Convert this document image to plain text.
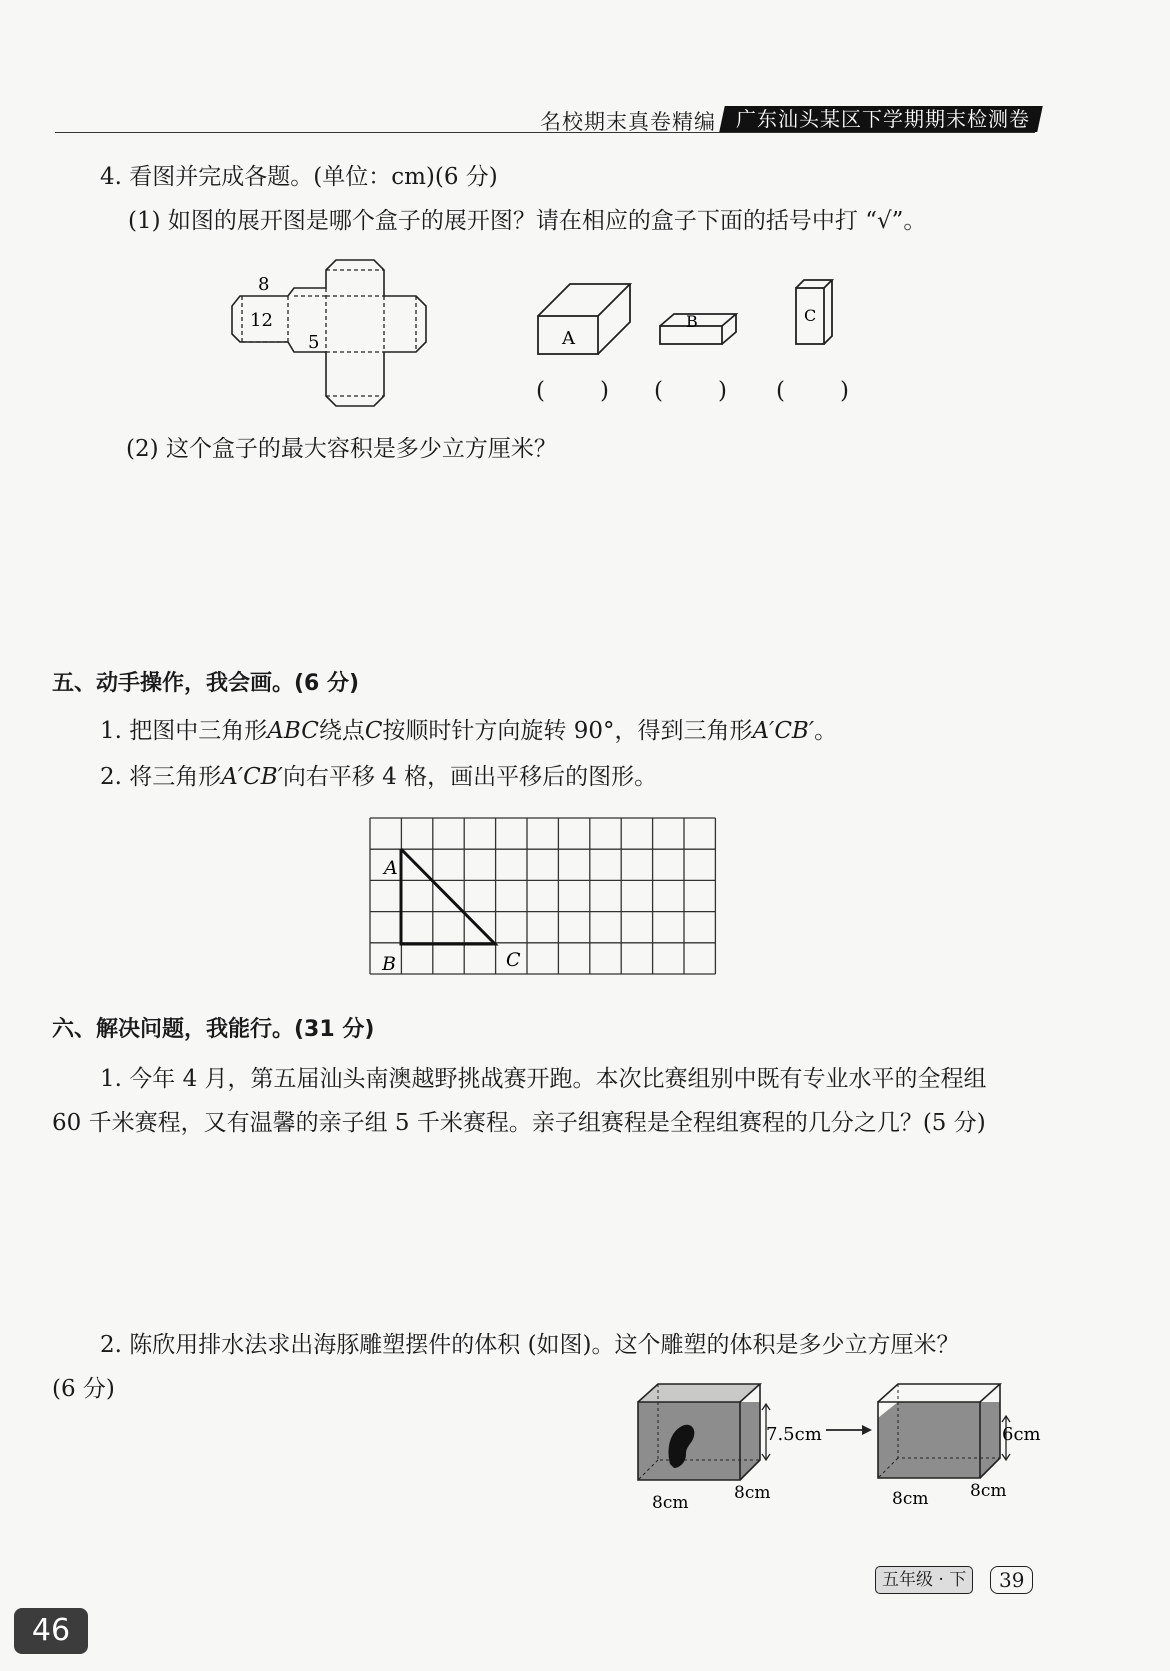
名校期末真卷精编	广东汕头某区下学期期末检测卷
4. 看图并完成各题。(单位：cm)(6 分)
(1) 如图的展开图是哪个盒子的展开图？请在相应的盒子下面的括号中打 “√”。
8
12
5	A
B	C
( ) ( ) ( )
(2) 这个盒子的最大容积是多少立方厘米？
五、动手操作，我会画。(6 分)
1. 把图中三角形ABC绕点C按顺时针方向旋转 90°，得到三角形A′CB′。
2. 将三角形A′CB′向右平移 4 格，画出平移后的图形。
A
B	C
六、解决问题，我能行。(31 分)
1. 今年 4 月，第五届汕头南澳越野挑战赛开跑。本次比赛组别中既有专业水平的全程组
60 千米赛程，又有温馨的亲子组 5 千米赛程。亲子组赛程是全程组赛程的几分之几？(5 分)
2. 陈欣用排水法求出海豚雕塑摆件的体积 (如图)。这个雕塑的体积是多少立方厘米？
(6 分)
7.5cm
8cm	8cm
6cm
8cm 8cm
五年级 · 下	39
46
